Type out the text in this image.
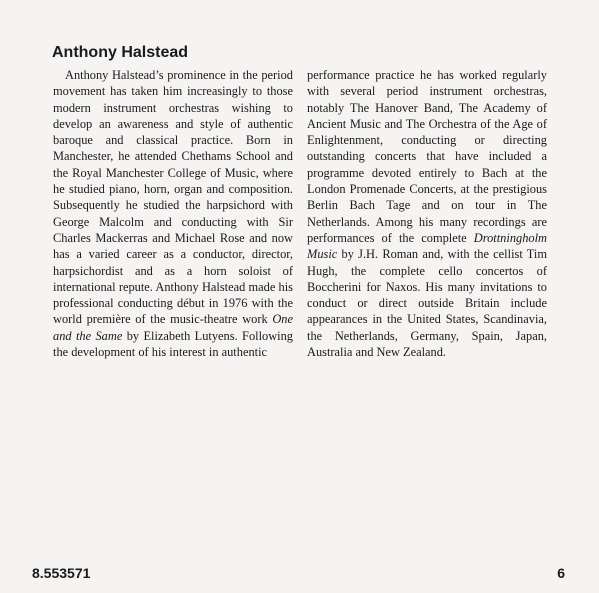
Anthony Halstead
Anthony Halstead’s prominence in the period movement has taken him increasingly to those modern instrument orchestras wishing to develop an awareness and style of authentic baroque and classical practice. Born in Manchester, he attended Chethams School and the Royal Manchester College of Music, where he studied piano, horn, organ and composition. Subsequently he studied the harpsichord with George Malcolm and conducting with Sir Charles Mackerras and Michael Rose and now has a varied career as a conductor, director, harpsichordist and as a horn soloist of international repute. Anthony Halstead made his professional conducting début in 1976 with the world première of the music-theatre work One and the Same by Elizabeth Lutyens. Following the development of his interest in authentic
performance practice he has worked regularly with several period instrument orchestras, notably The Hanover Band, The Academy of Ancient Music and The Orchestra of the Age of Enlightenment, conducting or directing outstanding concerts that have included a programme devoted entirely to Bach at the London Promenade Concerts, at the prestigious Berlin Bach Tage and on tour in The Netherlands. Among his many recordings are performances of the complete Drottningholm Music by J.H. Roman and, with the cellist Tim Hugh, the complete cello concertos of Boccherini for Naxos. His many invitations to conduct or direct outside Britain include appearances in the United States, Scandinavia, the Netherlands, Germany, Spain, Japan, Australia and New Zealand.
8.553571	6
